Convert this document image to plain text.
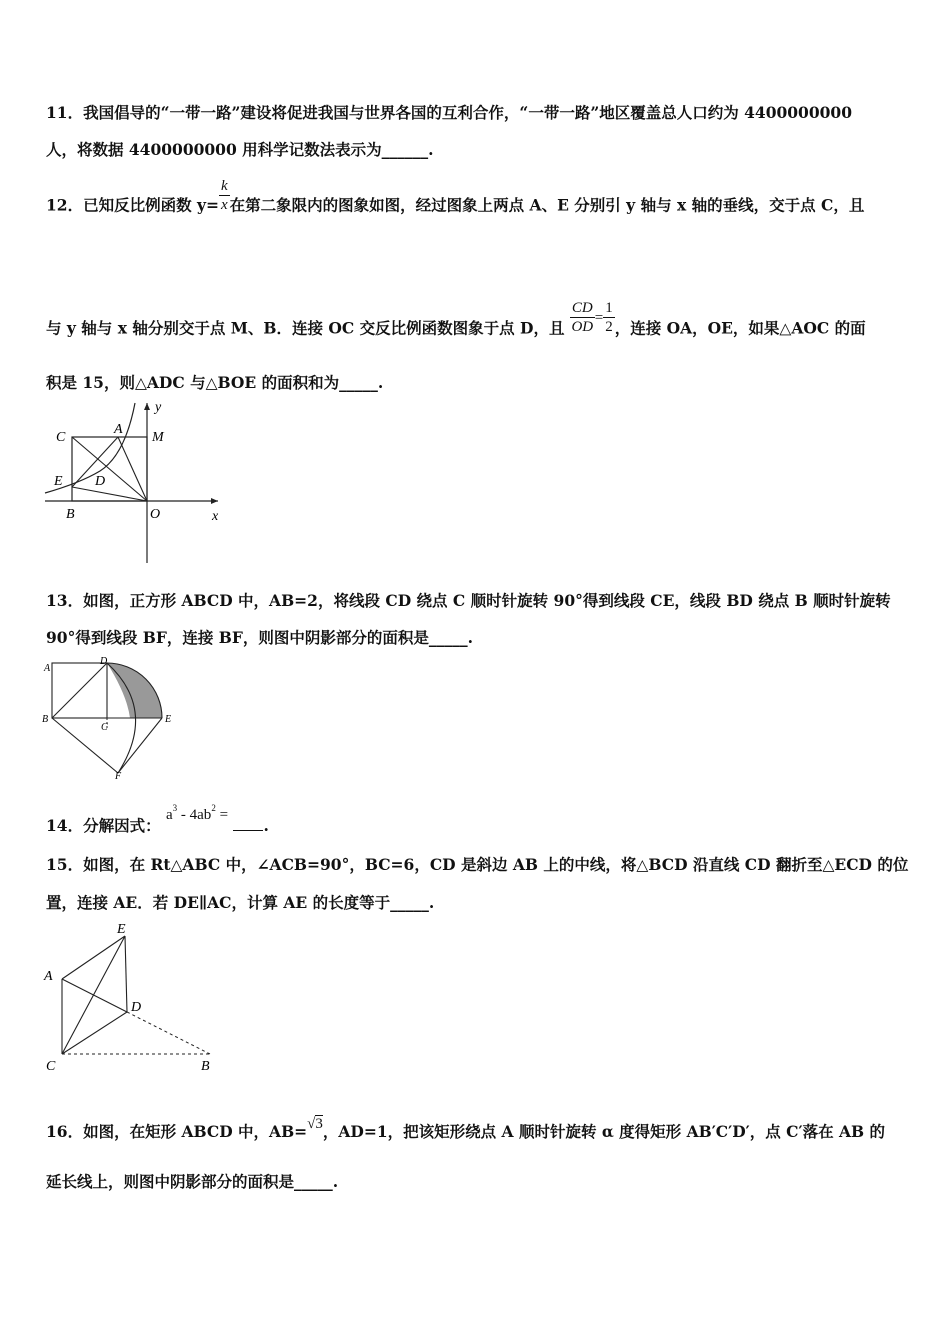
11．我国倡导的“一带一路”建设将促进我国与世界各国的互利合作，“一带一路”地区覆盖总人口约为 4400000000
人，将数据 4400000000 用科学记数法表示为______.
12．已知反比例函数 $y= \frac{k}{x}$ 在第二象限内的图象如图，经过图象上两点 A、E 分别引 y 轴与 x 轴的垂线，交于点 C，且
与 y 轴与 x 轴分别交于点 M、B．连接 OC 交反比例函数图象于点 D，且 $\frac{CD}{OD} = \frac{1}{2}$ ，连接 OA，OE，如果△AOC 的面
积是 15，则△ADC 与△BOE 的面积和为_____.
C
A
M
y
E D
B	O	x
13．如图，正方形 ABCD 中，AB=2，将线段 CD 绕点 C 顺时针旋转 90°得到线段 CE，线段 BD 绕点 B 顺时针旋转
90°得到线段 BF，连接 BF，则图中阴影部分的面积是_____.
A
D
B
C
E
F
14．分解因式： $a^3 - 4ab^2$ = .
15．如图，在 Rt△ABC 中，∠ACB=90°，BC=6，CD 是斜边 AB 上的中线，将△BCD 沿直线 CD 翻折至△ECD 的位
置，连接 AE．若 DE∥AC，计算 AE 的长度等于_____.
E
A
D
C	B
16．如图，在矩形 ABCD 中，AB=√3，AD=1，把该矩形绕点 A 顺时针旋转 α 度得矩形 AB′C′D′，点 C′落在 AB 的
延长线上，则图中阴影部分的面积是_____.
